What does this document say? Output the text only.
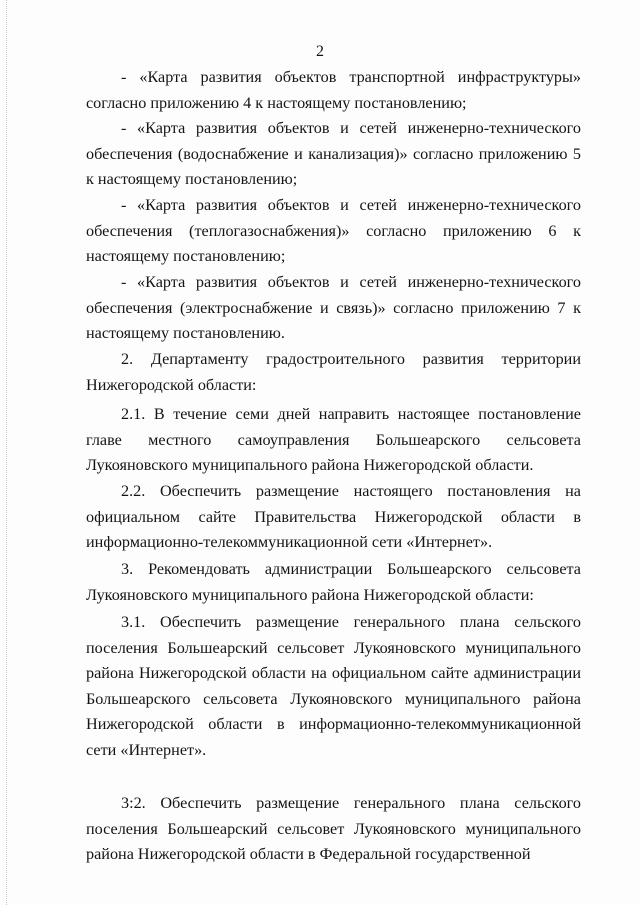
2

- «Карта развития объектов транспортной инфраструктуры» согласно приложению 4 к настоящему постановлению;

- «Карта развития объектов и сетей инженерно-технического обеспечения (водоснабжение и канализация)» согласно приложению 5 к настоящему постановлению;

- «Карта развития объектов и сетей инженерно-технического обеспечения (теплогазоснабжения)» согласно приложению 6 к настоящему постановлению;

- «Карта развития объектов и сетей инженерно-технического обеспечения (электроснабжение и связь)» согласно приложению 7 к настоящему постановлению.

2. Департаменту градостроительного развития территории Нижегородской области:

2.1. В течение семи дней направить настоящее постановление главе местного самоуправления Большеарского сельсовета Лукояновского муниципального района Нижегородской области.

2.2. Обеспечить размещение настоящего постановления на официальном сайте Правительства Нижегородской области в информационно-телекоммуникационной сети «Интернет».

3. Рекомендовать администрации Большеарского сельсовета Лукояновского муниципального района Нижегородской области:

3.1. Обеспечить размещение генерального плана сельского поселения Большеарский сельсовет Лукояновского муниципального района Нижегородской области на официальном сайте администрации Большеарского сельсовета Лукояновского муниципального района Нижегородской области в информационно-телекоммуникационной сети «Интернет».

3:2. Обеспечить размещение генерального плана сельского поселения Большеарский сельсовет Лукояновского муниципального района Нижегородской области в Федеральной государственной
